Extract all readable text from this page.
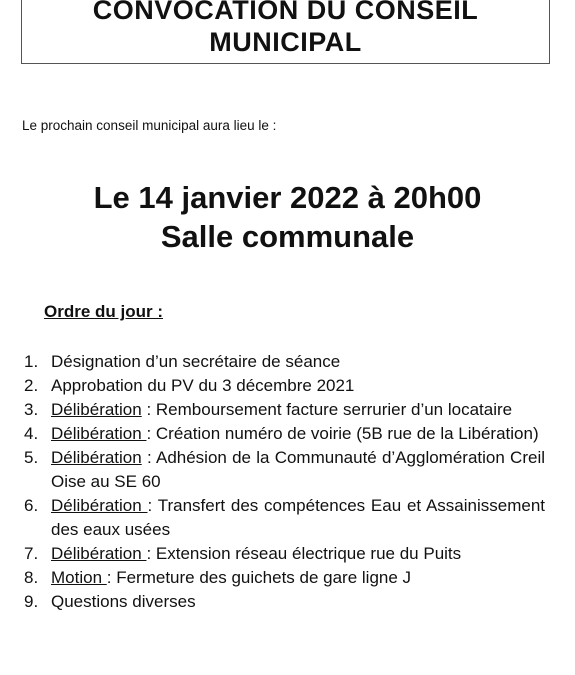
CONVOCATION DU CONSEIL
MUNICIPAL
Le prochain conseil municipal aura lieu le :
Le 14 janvier 2022 à 20h00
Salle communale
Ordre du jour :
1. Désignation d’un secrétaire de séance
2. Approbation du PV du 3 décembre 2021
3. Délibération : Remboursement facture serrurier d’un locataire
4. Délibération : Création numéro de voirie (5B rue de la Libération)
5. Délibération : Adhésion de la Communauté d’Agglomération Creil Oise au SE 60
6. Délibération : Transfert des compétences Eau et Assainissement des eaux usées
7. Délibération : Extension réseau électrique rue du Puits
8. Motion : Fermeture des guichets de gare ligne J
9. Questions diverses
